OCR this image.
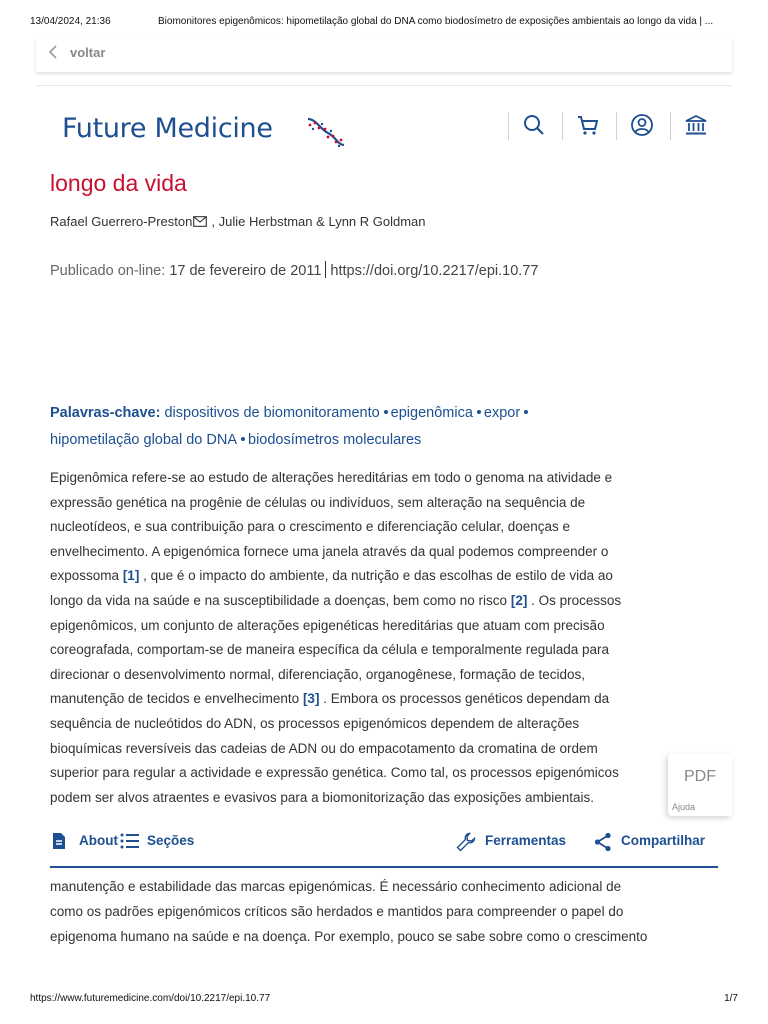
13/04/2024, 21:36	Biomonitores epigenômicos: hipometilação global do DNA como biodosímetro de exposições ambientais ao longo da vida | ...
voltar
Future Medicine
longo da vida
Rafael Guerrero-Preston , Julie Herbstman & Lynn R Goldman
Publicado on-line: 17 de fevereiro de 2011 https://doi.org/10.2217/epi.10.77
Palavras-chave: dispositivos de biomonitoramento epigenômica expor
hipometilação global do DNA biodosímetros moleculares
Epigenômica refere-se ao estudo de alterações hereditárias em todo o genoma na atividade e
expressão genética na progênie de células ou indivíduos, sem alteração na sequência de
nucleotídeos, e sua contribuição para o crescimento e diferenciação celular, doenças e
envelhecimento. A epigenómica fornece uma janela através da qual podemos compreender o
expossoma [1] , que é o impacto do ambiente, da nutrição e das escolhas de estilo de vida ao
longo da vida na saúde e na susceptibilidade a doenças, bem como no risco [2] . Os processos
epigenômicos, um conjunto de alterações epigenéticas hereditárias que atuam com precisão
coreografada, comportam-se de maneira específica da célula e temporalmente regulada para
direcionar o desenvolvimento normal, diferenciação, organogênese, formação de tecidos,
manutenção de tecidos e envelhecimento [3] . Embora os processos genéticos dependam da
sequência de nucleótidos do ADN, os processos epigenómicos dependem de alterações
bioquímicas reversíveis das cadeias de ADN ou do empacotamento da cromatina de ordem
superior para regular a actividade e expressão genética. Como tal, os processos epigenómicos
podem ser alvos atraentes e evasivos para a biomonitorização das exposições ambientais.
PDF
Ajuda
About Seções	Ferramentas	Compartilhar
manutenção e estabilidade das marcas epigenómicas. É necessário conhecimento adicional de
como os padrões epigenómicos críticos são herdados e mantidos para compreender o papel do
epigenoma humano na saúde e na doença. Por exemplo, pouco se sabe sobre como o crescimento
https://www.futuremedicine.com/doi/10.2217/epi.10.77	1/7
